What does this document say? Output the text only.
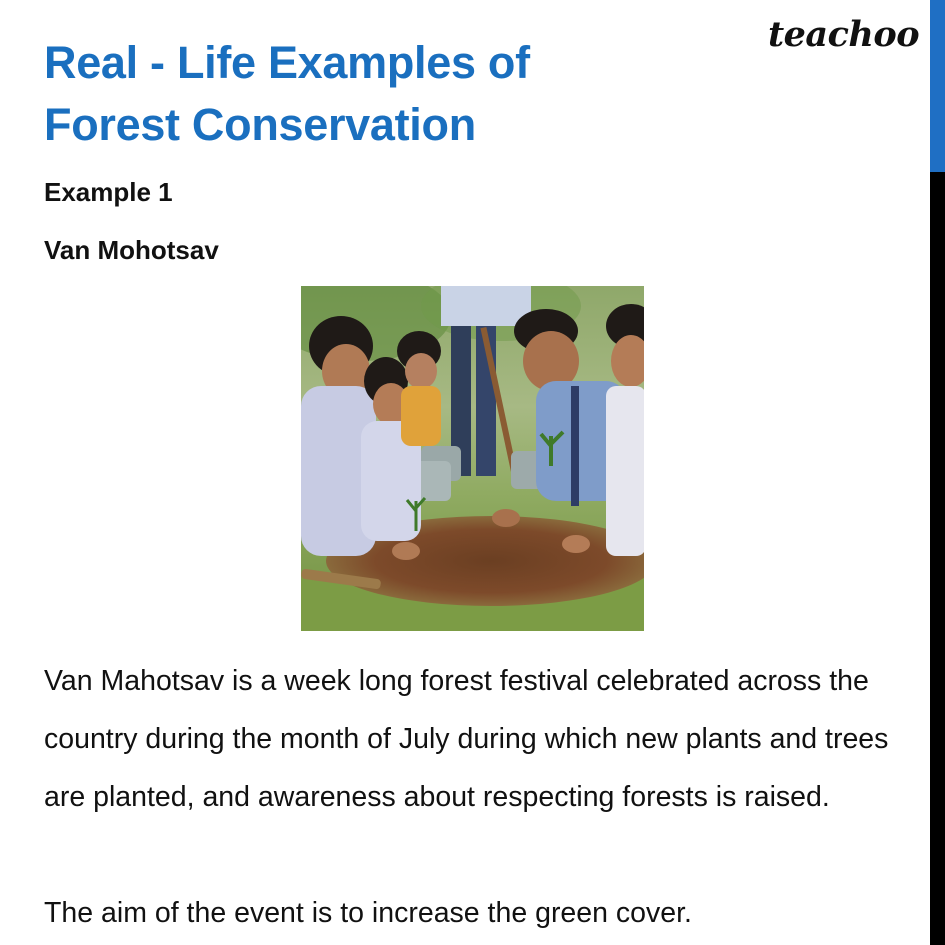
Real - Life Examples of
Forest Conservation
teachoo

Example 1

Van Mohotsav

Van Mahotsav is a week long forest festival celebrated across the country during the month of July during which new plants and trees are planted, and awareness about respecting forests is raised.

The aim of the event is to increase the green cover.
